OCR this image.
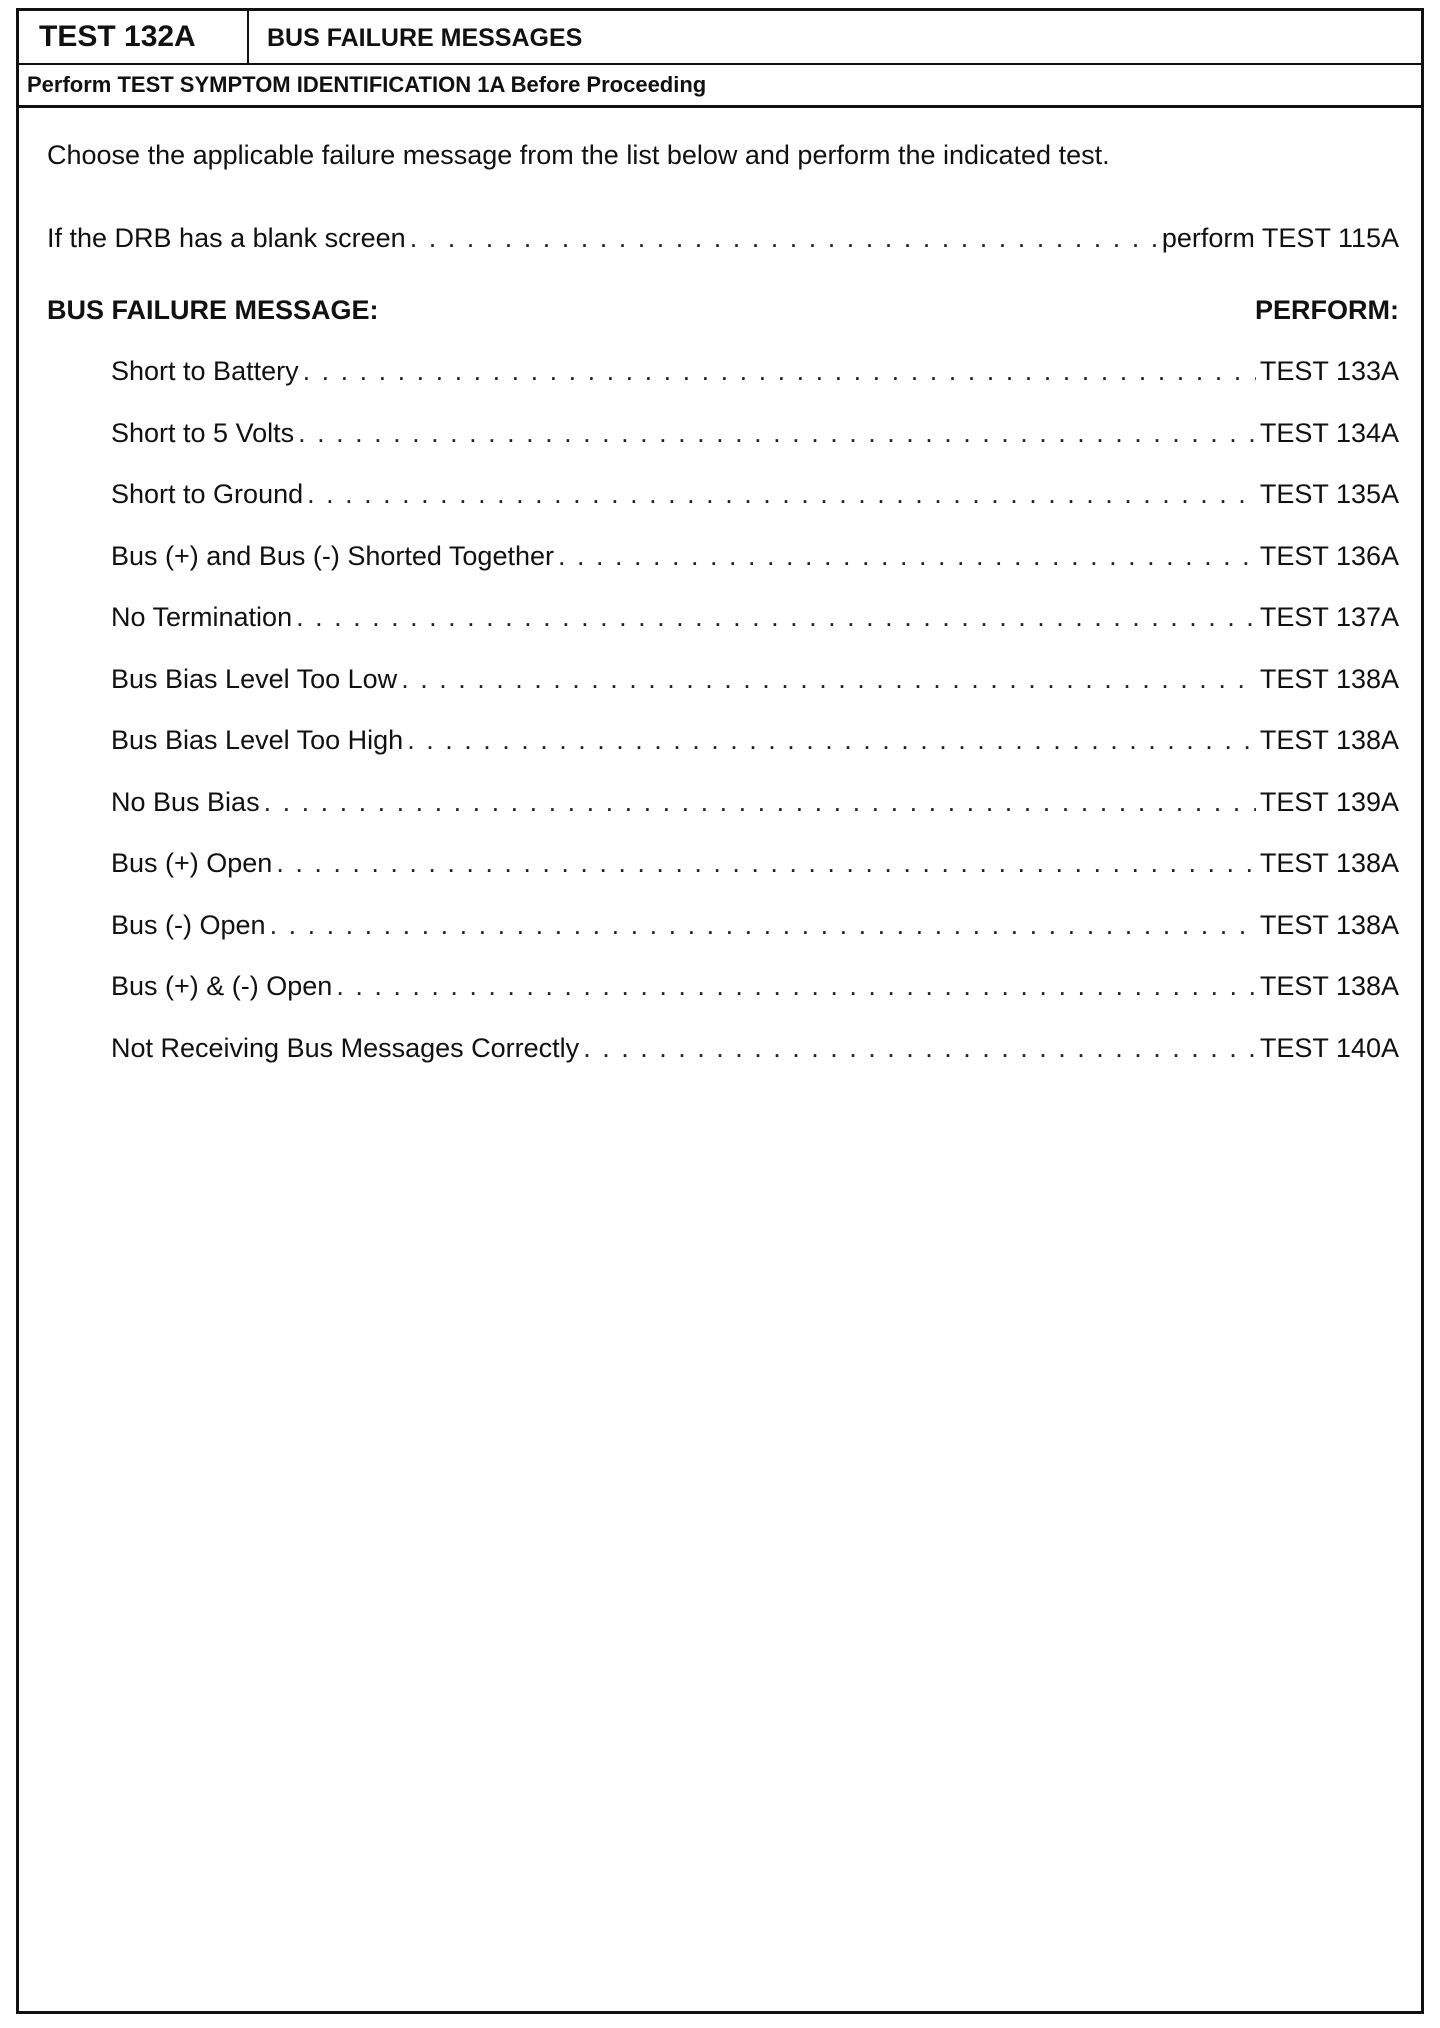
TEST 132A	BUS FAILURE MESSAGES
Perform TEST SYMPTOM IDENTIFICATION 1A Before Proceeding

Choose the applicable failure message from the list below and perform the indicated test.

If the DRB has a blank screen . . .	perform TEST 115A
BUS FAILURE MESSAGE:	PERFORM:
Short to Battery . . .	TEST 133A
Short to 5 Volts . . .	TEST 134A
Short to Ground . . .	TEST 135A
Bus (+) and Bus (-) Shorted Together . . .	TEST 136A
No Termination . . .	TEST 137A
Bus Bias Level Too Low . . .	TEST 138A
Bus Bias Level Too High . . .	TEST 138A
No Bus Bias . . .	TEST 139A
Bus (+) Open . . .	TEST 138A
Bus (-) Open . . .	TEST 138A
Bus (+) & (-) Open . . .	TEST 138A
Not Receiving Bus Messages Correctly . . .	TEST 140A
